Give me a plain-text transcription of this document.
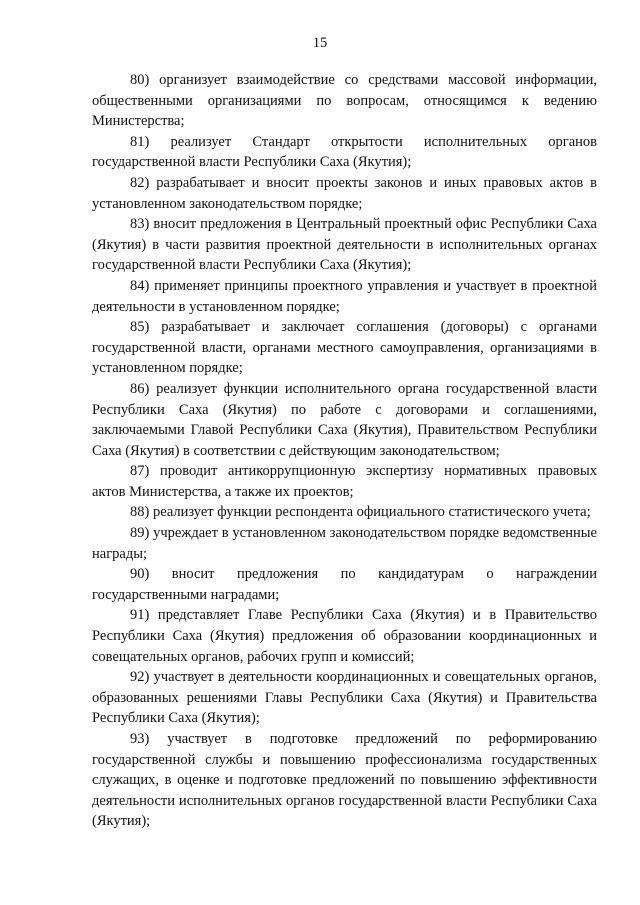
15

80) организует взаимодействие со средствами массовой информации, общественными организациями по вопросам, относящимся к ведению Министерства;

81) реализует Стандарт открытости исполнительных органов государственной власти Республики Саха (Якутия);

82) разрабатывает и вносит проекты законов и иных правовых актов в установленном законодательством порядке;

83) вносит предложения в Центральный проектный офис Республики Саха (Якутия) в части развития проектной деятельности в исполнительных органах государственной власти Республики Саха (Якутия);

84) применяет принципы проектного управления и участвует в проектной деятельности в установленном порядке;

85) разрабатывает и заключает соглашения (договоры) с органами государственной власти, органами местного самоуправления, организациями в установленном порядке;

86) реализует функции исполнительного органа государственной власти Республики Саха (Якутия) по работе с договорами и соглашениями, заключаемыми Главой Республики Саха (Якутия), Правительством Республики Саха (Якутия) в соответствии с действующим законодательством;

87) проводит антикоррупционную экспертизу нормативных правовых актов Министерства, а также их проектов;

88) реализует функции респондента официального статистического учета;

89) учреждает в установленном законодательством порядке ведомственные награды;

90) вносит предложения по кандидатурам о награждении государственными наградами;

91) представляет Главе Республики Саха (Якутия) и в Правительство Республики Саха (Якутия) предложения об образовании координационных и совещательных органов, рабочих групп и комиссий;

92) участвует в деятельности координационных и совещательных органов, образованных решениями Главы Республики Саха (Якутия) и Правительства Республики Саха (Якутия);

93) участвует в подготовке предложений по реформированию государственной службы и повышению профессионализма государственных служащих, в оценке и подготовке предложений по повышению эффективности деятельности исполнительных органов государственной власти Республики Саха (Якутия);
